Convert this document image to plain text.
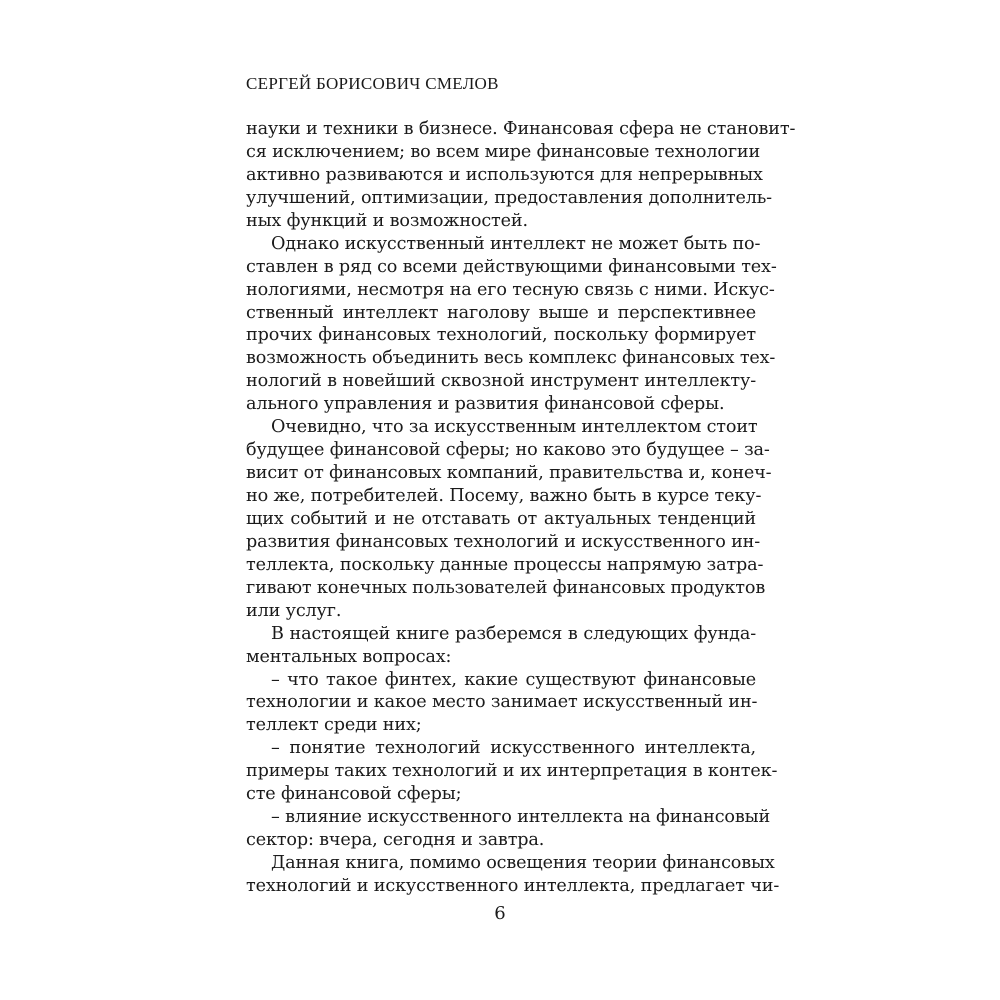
СЕРГЕЙ БОРИСОВИЧ СМЕЛОВ
науки и техники в бизнесе. Финансовая сфера не становит-
ся исключением; во всем мире финансовые технологии
активно развиваются и используются для непрерывных
улучшений, оптимизации, предоставления дополнитель-
ных функций и возможностей.
Однако искусственный интеллект не может быть по-
ставлен в ряд со всеми действующими финансовыми тех-
нологиями, несмотря на его тесную связь с ними. Искус-
ственный интеллект наголову выше и перспективнее
прочих финансовых технологий, поскольку формирует
возможность объединить весь комплекс финансовых тех-
нологий в новейший сквозной инструмент интеллекту-
ального управления и развития финансовой сферы.
Очевидно, что за искусственным интеллектом стоит
будущее финансовой сферы; но каково это будущее – за-
висит от финансовых компаний, правительства и, конеч-
но же, потребителей. Посему, важно быть в курсе теку-
щих событий и не отставать от актуальных тенденций
развития финансовых технологий и искусственного ин-
теллекта, поскольку данные процессы напрямую затра-
гивают конечных пользователей финансовых продуктов
или услуг.
В настоящей книге разберемся в следующих фунда-
ментальных вопросах:
– что такое финтех, какие существуют финансовые
технологии и какое место занимает искусственный ин-
теллект среди них;
– понятие технологий искусственного интеллекта,
примеры таких технологий и их интерпретация в контек-
сте финансовой сферы;
– влияние искусственного интеллекта на финансовый
сектор: вчера, сегодня и завтра.
Данная книга, помимо освещения теории финансовых
технологий и искусственного интеллекта, предлагает чи-
6
